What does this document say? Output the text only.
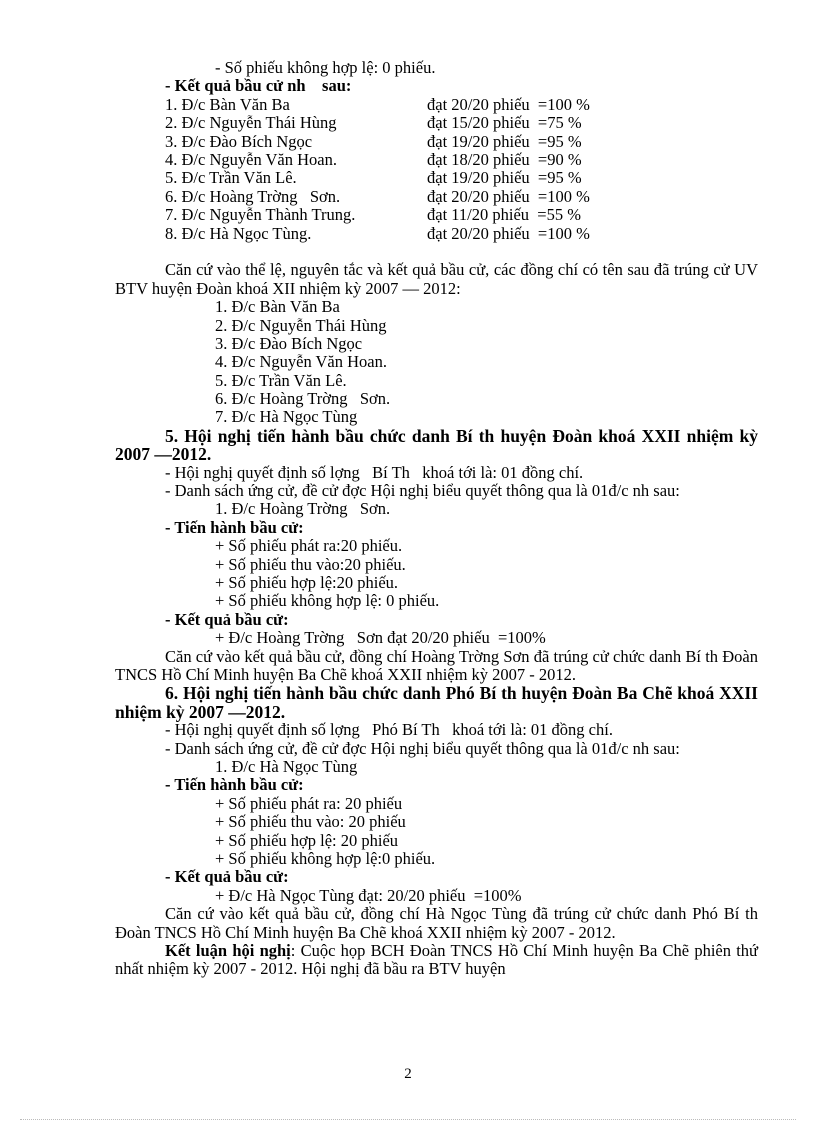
- Số phiếu không hợp lệ: 0 phiếu.
- Kết quả bầu cử nh    sau:
1. Đ/c Bàn Văn Ba	đạt 20/20 phiếu  =100 %
2. Đ/c Nguyễn Thái Hùng	đạt 15/20 phiếu  =75 %
3. Đ/c Đào Bích Ngọc	đạt 19/20 phiếu  =95 %
4. Đ/c Nguyễn Văn Hoan.	đạt 18/20 phiếu  =90 %
5. Đ/c Trần Văn Lê.	đạt 19/20 phiếu  =95 %
6. Đ/c Hoàng Trờng   Sơn.	đạt 20/20 phiếu  =100 %
7. Đ/c Nguyễn Thành Trung.	đạt 11/20 phiếu  =55 %
8. Đ/c Hà Ngọc Tùng.	đạt 20/20 phiếu  =100 %
Căn cứ vào thể lệ, nguyên tắc và kết quả bầu cử, các đồng chí có tên sau đã trúng cử UV BTV huyện Đoàn khoá XII nhiệm kỳ 2007 — 2012:
1. Đ/c Bàn Văn Ba
2. Đ/c Nguyễn Thái Hùng
3. Đ/c Đào Bích Ngọc
4. Đ/c Nguyễn Văn Hoan.
5. Đ/c Trần Văn Lê.
6. Đ/c Hoàng Trờng   Sơn.
7. Đ/c Hà Ngọc Tùng
5. Hội nghị tiến hành bầu chức danh Bí th huyện Đoàn khoá XXII nhiệm kỳ 2007 —2012.
- Hội nghị quyết định số lợng   Bí Th   khoá tới là: 01 đồng chí.
- Danh sách ứng cử, đề cử đợc Hội nghị biểu quyết thông qua là 01đ/c nh sau:
1. Đ/c Hoàng Trờng   Sơn.
- Tiến hành bầu cử:
+ Số phiếu phát ra:20 phiếu.
+ Số phiếu thu vào:20 phiếu.
+ Số phiếu hợp lệ:20 phiếu.
+ Số phiếu không hợp lệ: 0 phiếu.
- Kết quả bầu cử:
+ Đ/c Hoàng Trờng   Sơn đạt 20/20 phiếu  =100%
Căn cứ vào kết quả bầu cử, đồng chí Hoàng Trờng Sơn đã trúng cử chức danh Bí th Đoàn TNCS Hồ Chí Minh huyện Ba Chẽ khoá XXII nhiệm kỳ 2007 - 2012.
6. Hội nghị tiến hành bầu chức danh Phó Bí th huyện Đoàn Ba Chẽ khoá XXII nhiệm kỳ 2007 —2012.
- Hội nghị quyết định số lợng   Phó Bí Th   khoá tới là: 01 đồng chí.
- Danh sách ứng cử, đề cử đợc Hội nghị biểu quyết thông qua là 01đ/c nh sau:
1. Đ/c Hà Ngọc Tùng
- Tiến hành bầu cử:
+ Số phiếu phát ra: 20 phiếu
+ Số phiếu thu vào: 20 phiếu
+ Số phiếu hợp lệ: 20 phiếu
+ Số phiếu không hợp lệ:0 phiếu.
- Kết quả bầu cử:
+ Đ/c Hà Ngọc Tùng đạt: 20/20 phiếu  =100%
Căn cứ vào kết quả bầu cử, đồng chí Hà Ngọc Tùng đã trúng cử chức danh Phó Bí th Đoàn TNCS Hồ Chí Minh huyện Ba Chẽ khoá XXII nhiệm kỳ 2007 - 2012.
Kết luận hội nghị: Cuộc họp BCH Đoàn TNCS Hồ Chí Minh huyện Ba Chẽ phiên thứ nhất nhiệm kỳ 2007 - 2012. Hội nghị đã bầu ra BTV huyện
2
